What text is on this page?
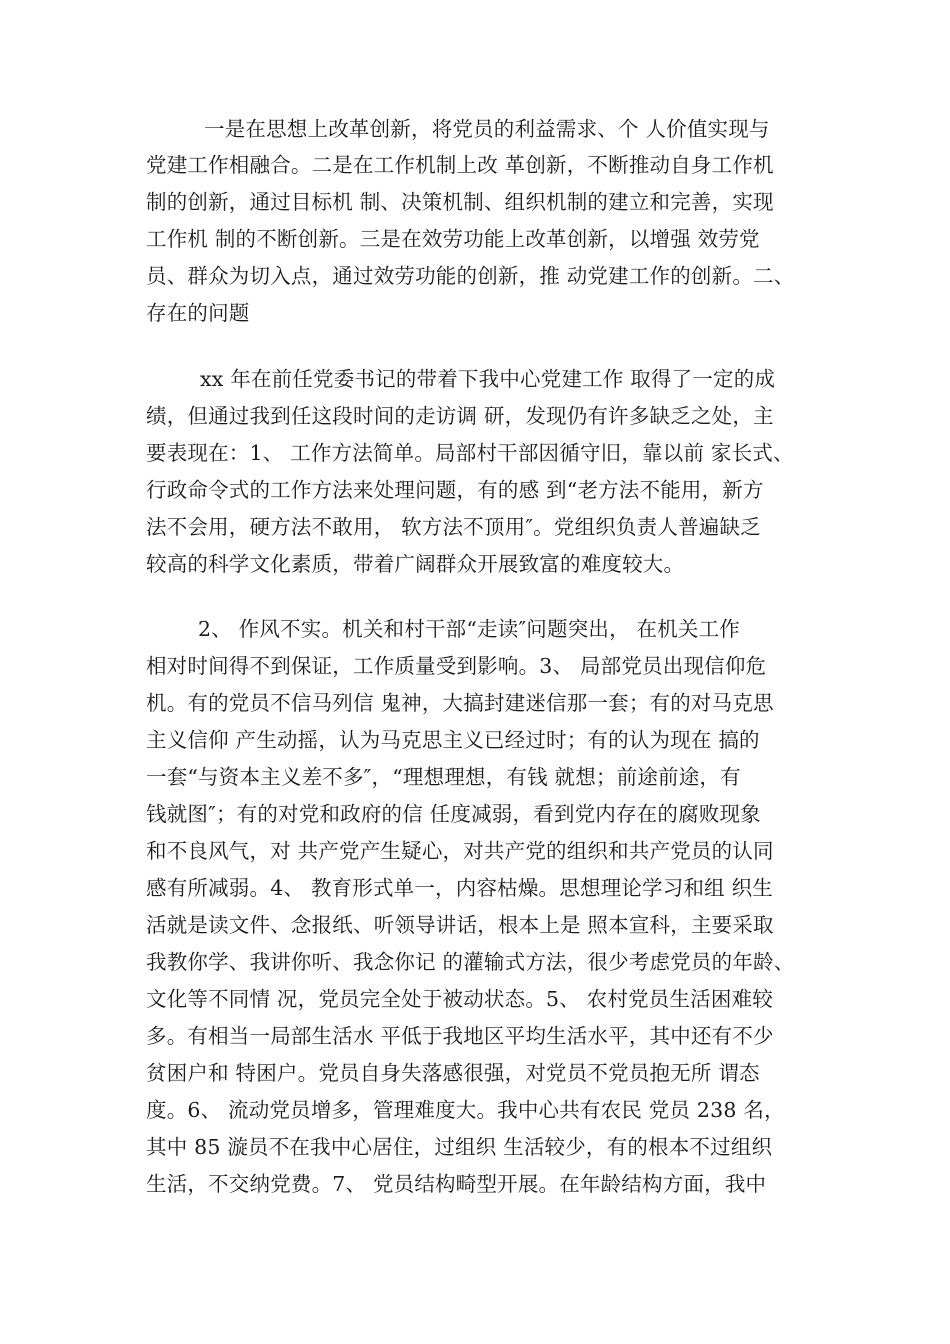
一是在思想上改革创新，将党员的利益需求、个 人价值实现与
党建工作相融合。二是在工作机制上改 革创新，不断推动自身工作机
制的创新，通过目标机 制、决策机制、组织机制的建立和完善，实现
工作机 制的不断创新。三是在效劳功能上改革创新，以增强 效劳党
员、群众为切入点，通过效劳功能的创新，推 动党建工作的创新。二、
存在的问题
xx 年在前任党委书记的带着下我中心党建工作 取得了一定的成
绩，但通过我到任这段时间的走访调 研，发现仍有许多缺乏之处，主
要表现在：1、 工作方法简单。局部村干部因循守旧，靠以前 家长式、
行政命令式的工作方法来处理问题，有的感 到“老方法不能用，新方
法不会用，硬方法不敢用， 软方法不顶用″。党组织负责人普遍缺乏
较高的科学文化素质，带着广阔群众开展致富的难度较大。
2、 作风不实。机关和村干部“走读″问题突出， 在机关工作
相对时间得不到保证，工作质量受到影响。3、 局部党员出现信仰危
机。有的党员不信马列信 鬼神，大搞封建迷信那一套；有的对马克思
主义信仰 产生动摇，认为马克思主义已经过时；有的认为现在 搞的
一套“与资本主义差不多″，“理想理想，有钱 就想；前途前途，有
钱就图″；有的对党和政府的信 任度减弱，看到党内存在的腐败现象
和不良风气，对 共产党产生疑心，对共产党的组织和共产党员的认同
感有所减弱。4、 教育形式单一，内容枯燥。思想理论学习和组 织生
活就是读文件、念报纸、听领导讲话，根本上是 照本宣科，主要采取
我教你学、我讲你听、我念你记 的灌输式方法，很少考虑党员的年龄、
文化等不同情 况，党员完全处于被动状态。5、 农村党员生活困难较
多。有相当一局部生活水 平低于我地区平均生活水平，其中还有不少
贫困户和 特困户。党员自身失落感很强，对党员不党员抱无所 谓态
度。6、 流动党员增多，管理难度大。我中心共有农民 党员 238 名，
其中 85 漩员不在我中心居住，过组织 生活较少，有的根本不过组织
生活，不交纳党费。7、 党员结构畸型开展。在年龄结构方面，我中
